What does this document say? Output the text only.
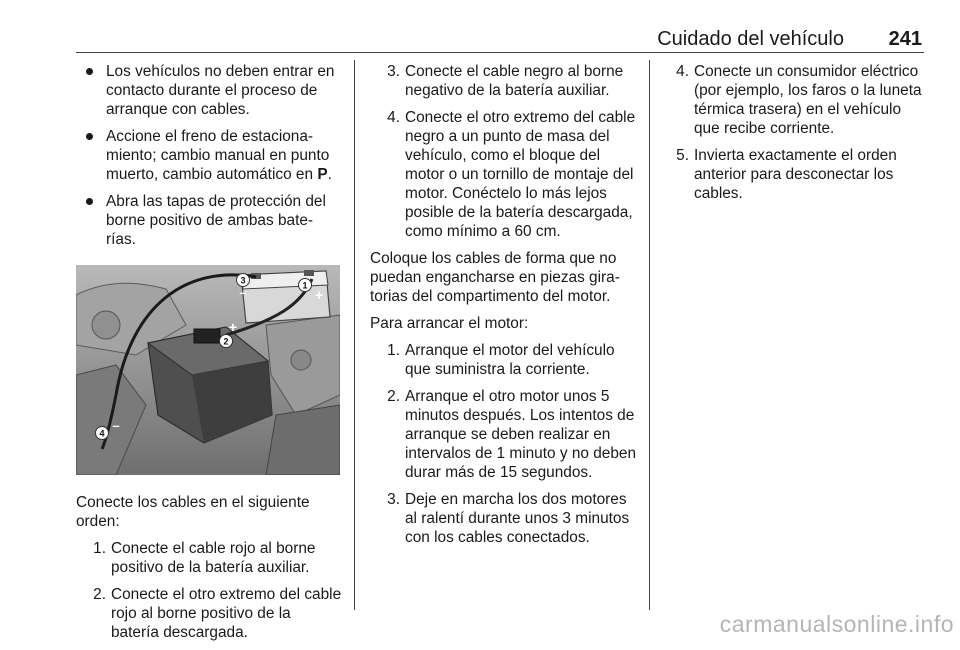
Cuidado del vehículo 241
Los vehículos no deben entrar en contacto durante el proceso de arranque con cables.
Accione el freno de estaciona-miento; cambio manual en punto muerto, cambio automático en P.
Abra las tapas de protección del borne positivo de ambas bate-rías.
1
+
2
+
3
–
4
–
Conecte los cables en el siguiente orden:
1. Conecte el cable rojo al borne positivo de la batería auxiliar.
2. Conecte el otro extremo del cable rojo al borne positivo de la batería descargada.
3. Conecte el cable negro al borne negativo de la batería auxiliar.
4. Conecte el otro extremo del cable negro a un punto de masa del vehículo, como el bloque del motor o un tornillo de montaje del motor. Conéctelo lo más lejos posible de la batería descargada, como mínimo a 60 cm.
Coloque los cables de forma que no puedan engancharse en piezas gira-torias del compartimento del motor.
Para arrancar el motor:
1. Arranque el motor del vehículo que suministra la corriente.
2. Arranque el otro motor unos 5 minutos después. Los intentos de arranque se deben realizar en intervalos de 1 minuto y no deben durar más de 15 segundos.
3. Deje en marcha los dos motores al ralentí durante unos 3 minutos con los cables conectados.
4. Conecte un consumidor eléctrico (por ejemplo, los faros o la luneta térmica trasera) en el vehículo que recibe corriente.
5. Invierta exactamente el orden anterior para desconectar los cables.
carmanualsonline.info
